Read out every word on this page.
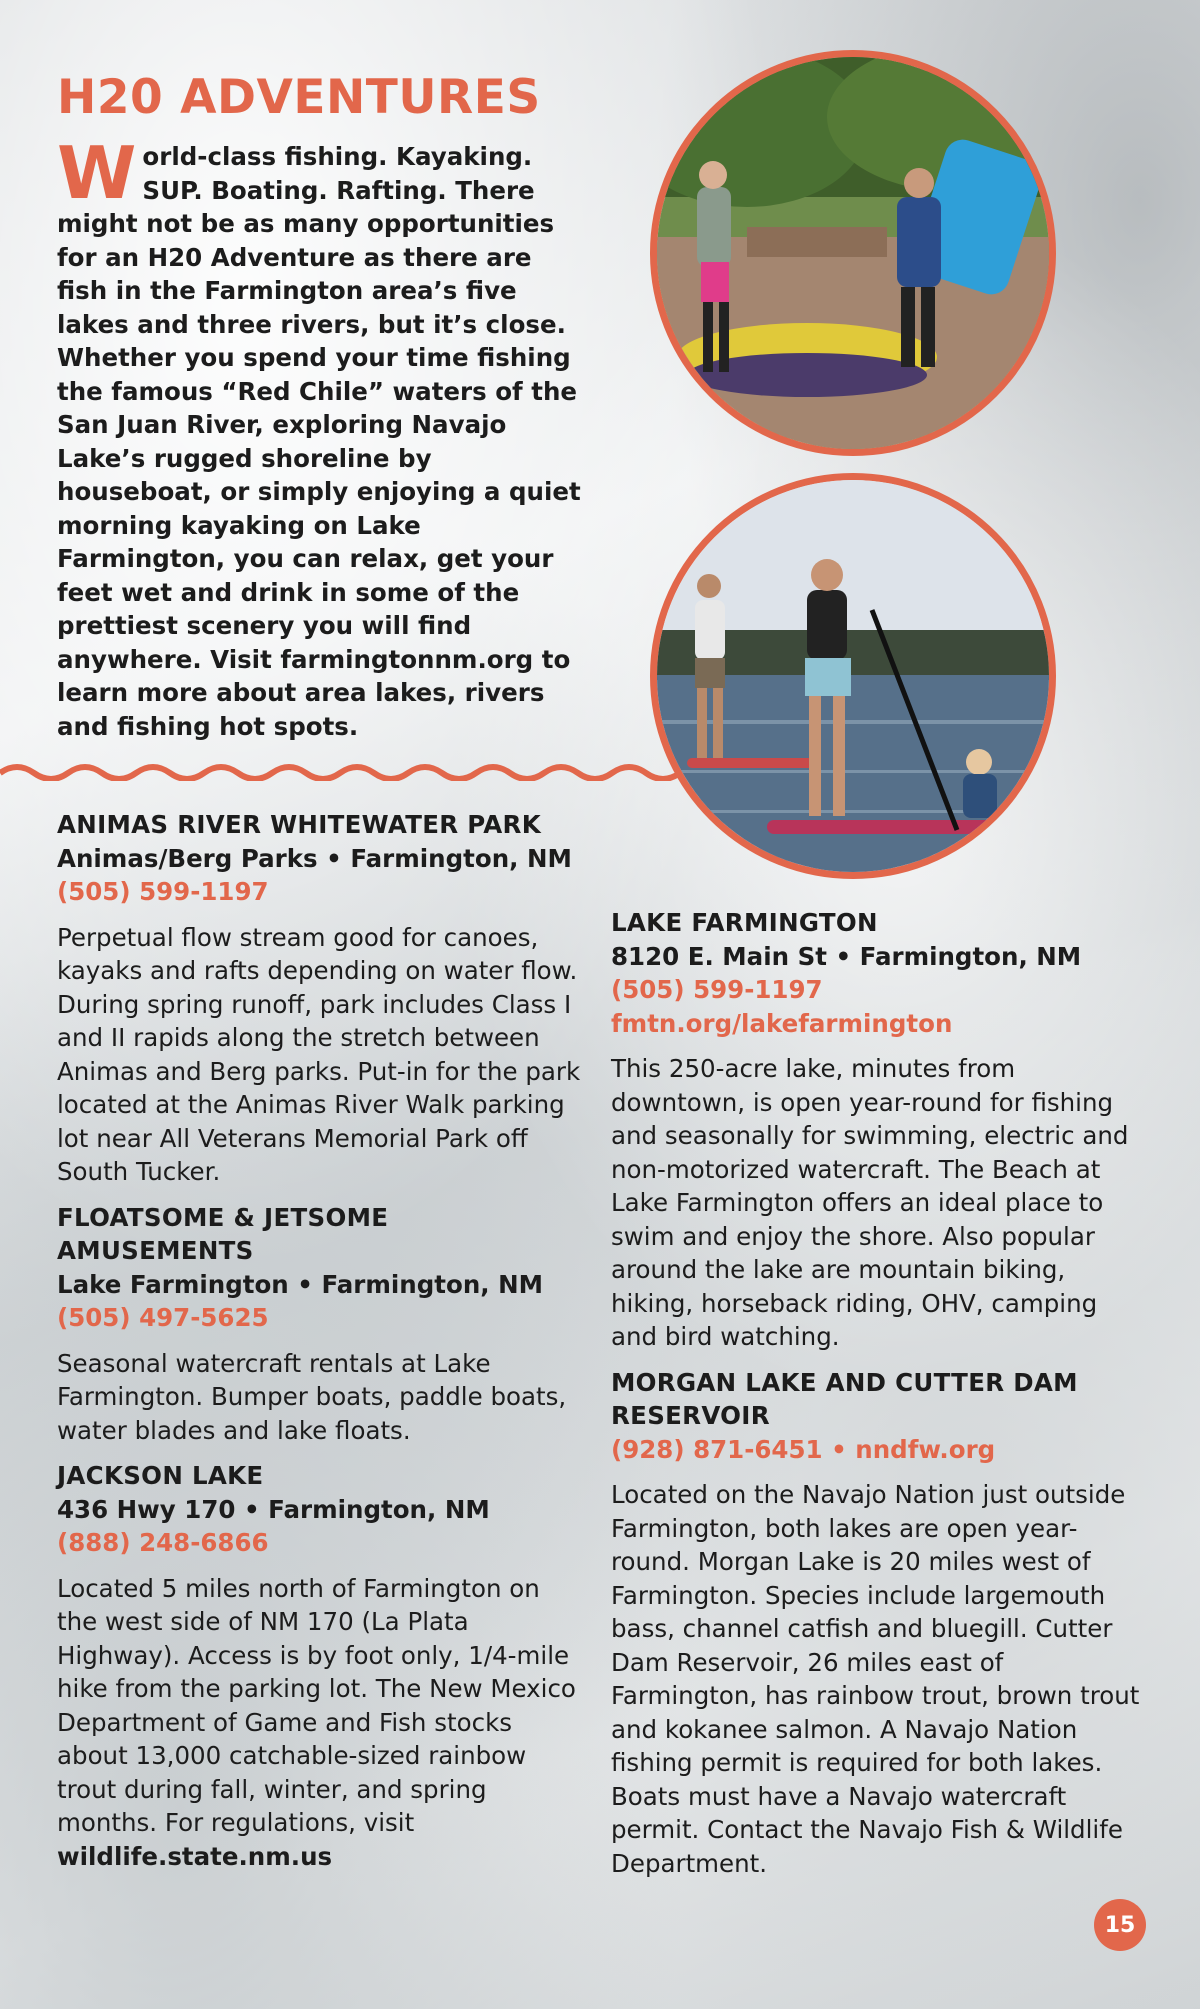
H20 ADVENTURES

World-class fishing. Kayaking. SUP. Boating. Rafting. There might not be as many opportunities for an H20 Adventure as there are fish in the Farmington area’s five lakes and three rivers, but it’s close. Whether you spend your time fishing the famous “Red Chile” waters of the San Juan River, exploring Navajo Lake’s rugged shoreline by houseboat, or simply enjoying a quiet morning kayaking on Lake Farmington, you can relax, get your feet wet and drink in some of the prettiest scenery you will find anywhere. Visit farmingtonnm.org to learn more about area lakes, rivers and fishing hot spots.

ANIMAS RIVER WHITEWATER PARK
Animas/Berg Parks • Farmington, NM
(505) 599-1197
Perpetual flow stream good for canoes, kayaks and rafts depending on water flow. During spring runoff, park includes Class I and II rapids along the stretch between Animas and Berg parks. Put-in for the park located at the Animas River Walk parking lot near All Veterans Memorial Park off South Tucker.
FLOATSOME & JETSOME AMUSEMENTS
Lake Farmington • Farmington, NM
(505) 497-5625
Seasonal watercraft rentals at Lake Farmington. Bumper boats, paddle boats, water blades and lake floats.
JACKSON LAKE
436 Hwy 170 • Farmington, NM
(888) 248-6866
Located 5 miles north of Farmington on the west side of NM 170 (La Plata Highway). Access is by foot only, 1/4-mile hike from the parking lot. The New Mexico Department of Game and Fish stocks about 13,000 catchable-sized rainbow trout during fall, winter, and spring months. For regulations, visit wildlife.state.nm.us
LAKE FARMINGTON
8120 E. Main St • Farmington, NM
(505) 599-1197
fmtn.org/lakefarmington
This 250-acre lake, minutes from downtown, is open year-round for fishing and seasonally for swimming, electric and non-motorized watercraft. The Beach at Lake Farmington offers an ideal place to swim and enjoy the shore. Also popular around the lake are mountain biking, hiking, horseback riding, OHV, camping and bird watching.
MORGAN LAKE AND CUTTER DAM RESERVOIR
(928) 871-6451 • nndfw.org
Located on the Navajo Nation just outside Farmington, both lakes are open year-round. Morgan Lake is 20 miles west of Farmington. Species include largemouth bass, channel catfish and bluegill. Cutter Dam Reservoir, 26 miles east of Farmington, has rainbow trout, brown trout and kokanee salmon. A Navajo Nation fishing permit is required for both lakes. Boats must have a Navajo watercraft permit. Contact the Navajo Fish & Wildlife Department.
15
